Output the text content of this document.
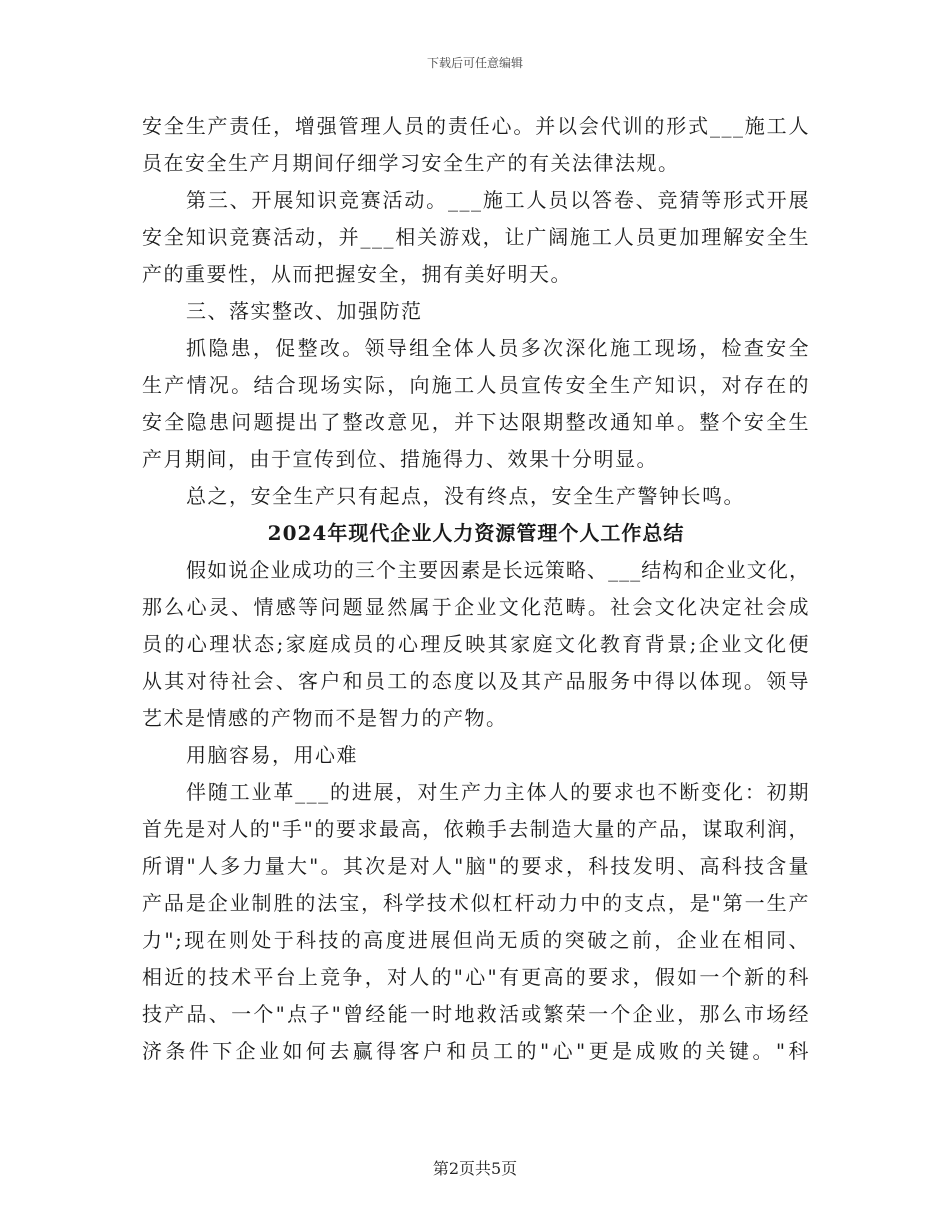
下载后可任意编辑
安全生产责任，增强管理人员的责任心。并以会代训的形式___施工人
员在安全生产月期间仔细学习安全生产的有关法律法规。
第三、开展知识竞赛活动。___施工人员以答卷、竞猜等形式开展
安全知识竞赛活动，并___相关游戏，让广阔施工人员更加理解安全生
产的重要性，从而把握安全，拥有美好明天。
三、落实整改、加强防范
抓隐患，促整改。领导组全体人员多次深化施工现场，检查安全
生产情况。结合现场实际，向施工人员宣传安全生产知识，对存在的
安全隐患问题提出了整改意见，并下达限期整改通知单。整个安全生
产月期间，由于宣传到位、措施得力、效果十分明显。
总之，安全生产只有起点，没有终点，安全生产警钟长鸣。
2024年现代企业人力资源管理个人工作总结
假如说企业成功的三个主要因素是长远策略、___结构和企业文化，
那么心灵、情感等问题显然属于企业文化范畴。社会文化决定社会成
员的心理状态;家庭成员的心理反映其家庭文化教育背景;企业文化便
从其对待社会、客户和员工的态度以及其产品服务中得以体现。领导
艺术是情感的产物而不是智力的产物。
用脑容易，用心难
伴随工业革___的进展，对生产力主体人的要求也不断变化：初期
首先是对人的"手"的要求最高，依赖手去制造大量的产品，谋取利润，
所谓"人多力量大"。其次是对人"脑"的要求，科技发明、高科技含量
产品是企业制胜的法宝，科学技术似杠杆动力中的支点，是"第一生产
力";现在则处于科技的高度进展但尚无质的突破之前，企业在相同、
相近的技术平台上竞争，对人的"心"有更高的要求，假如一个新的科
技产品、一个"点子"曾经能一时地救活或繁荣一个企业，那么市场经
济条件下企业如何去赢得客户和员工的"心"更是成败的关键。"科
第2页共5页
